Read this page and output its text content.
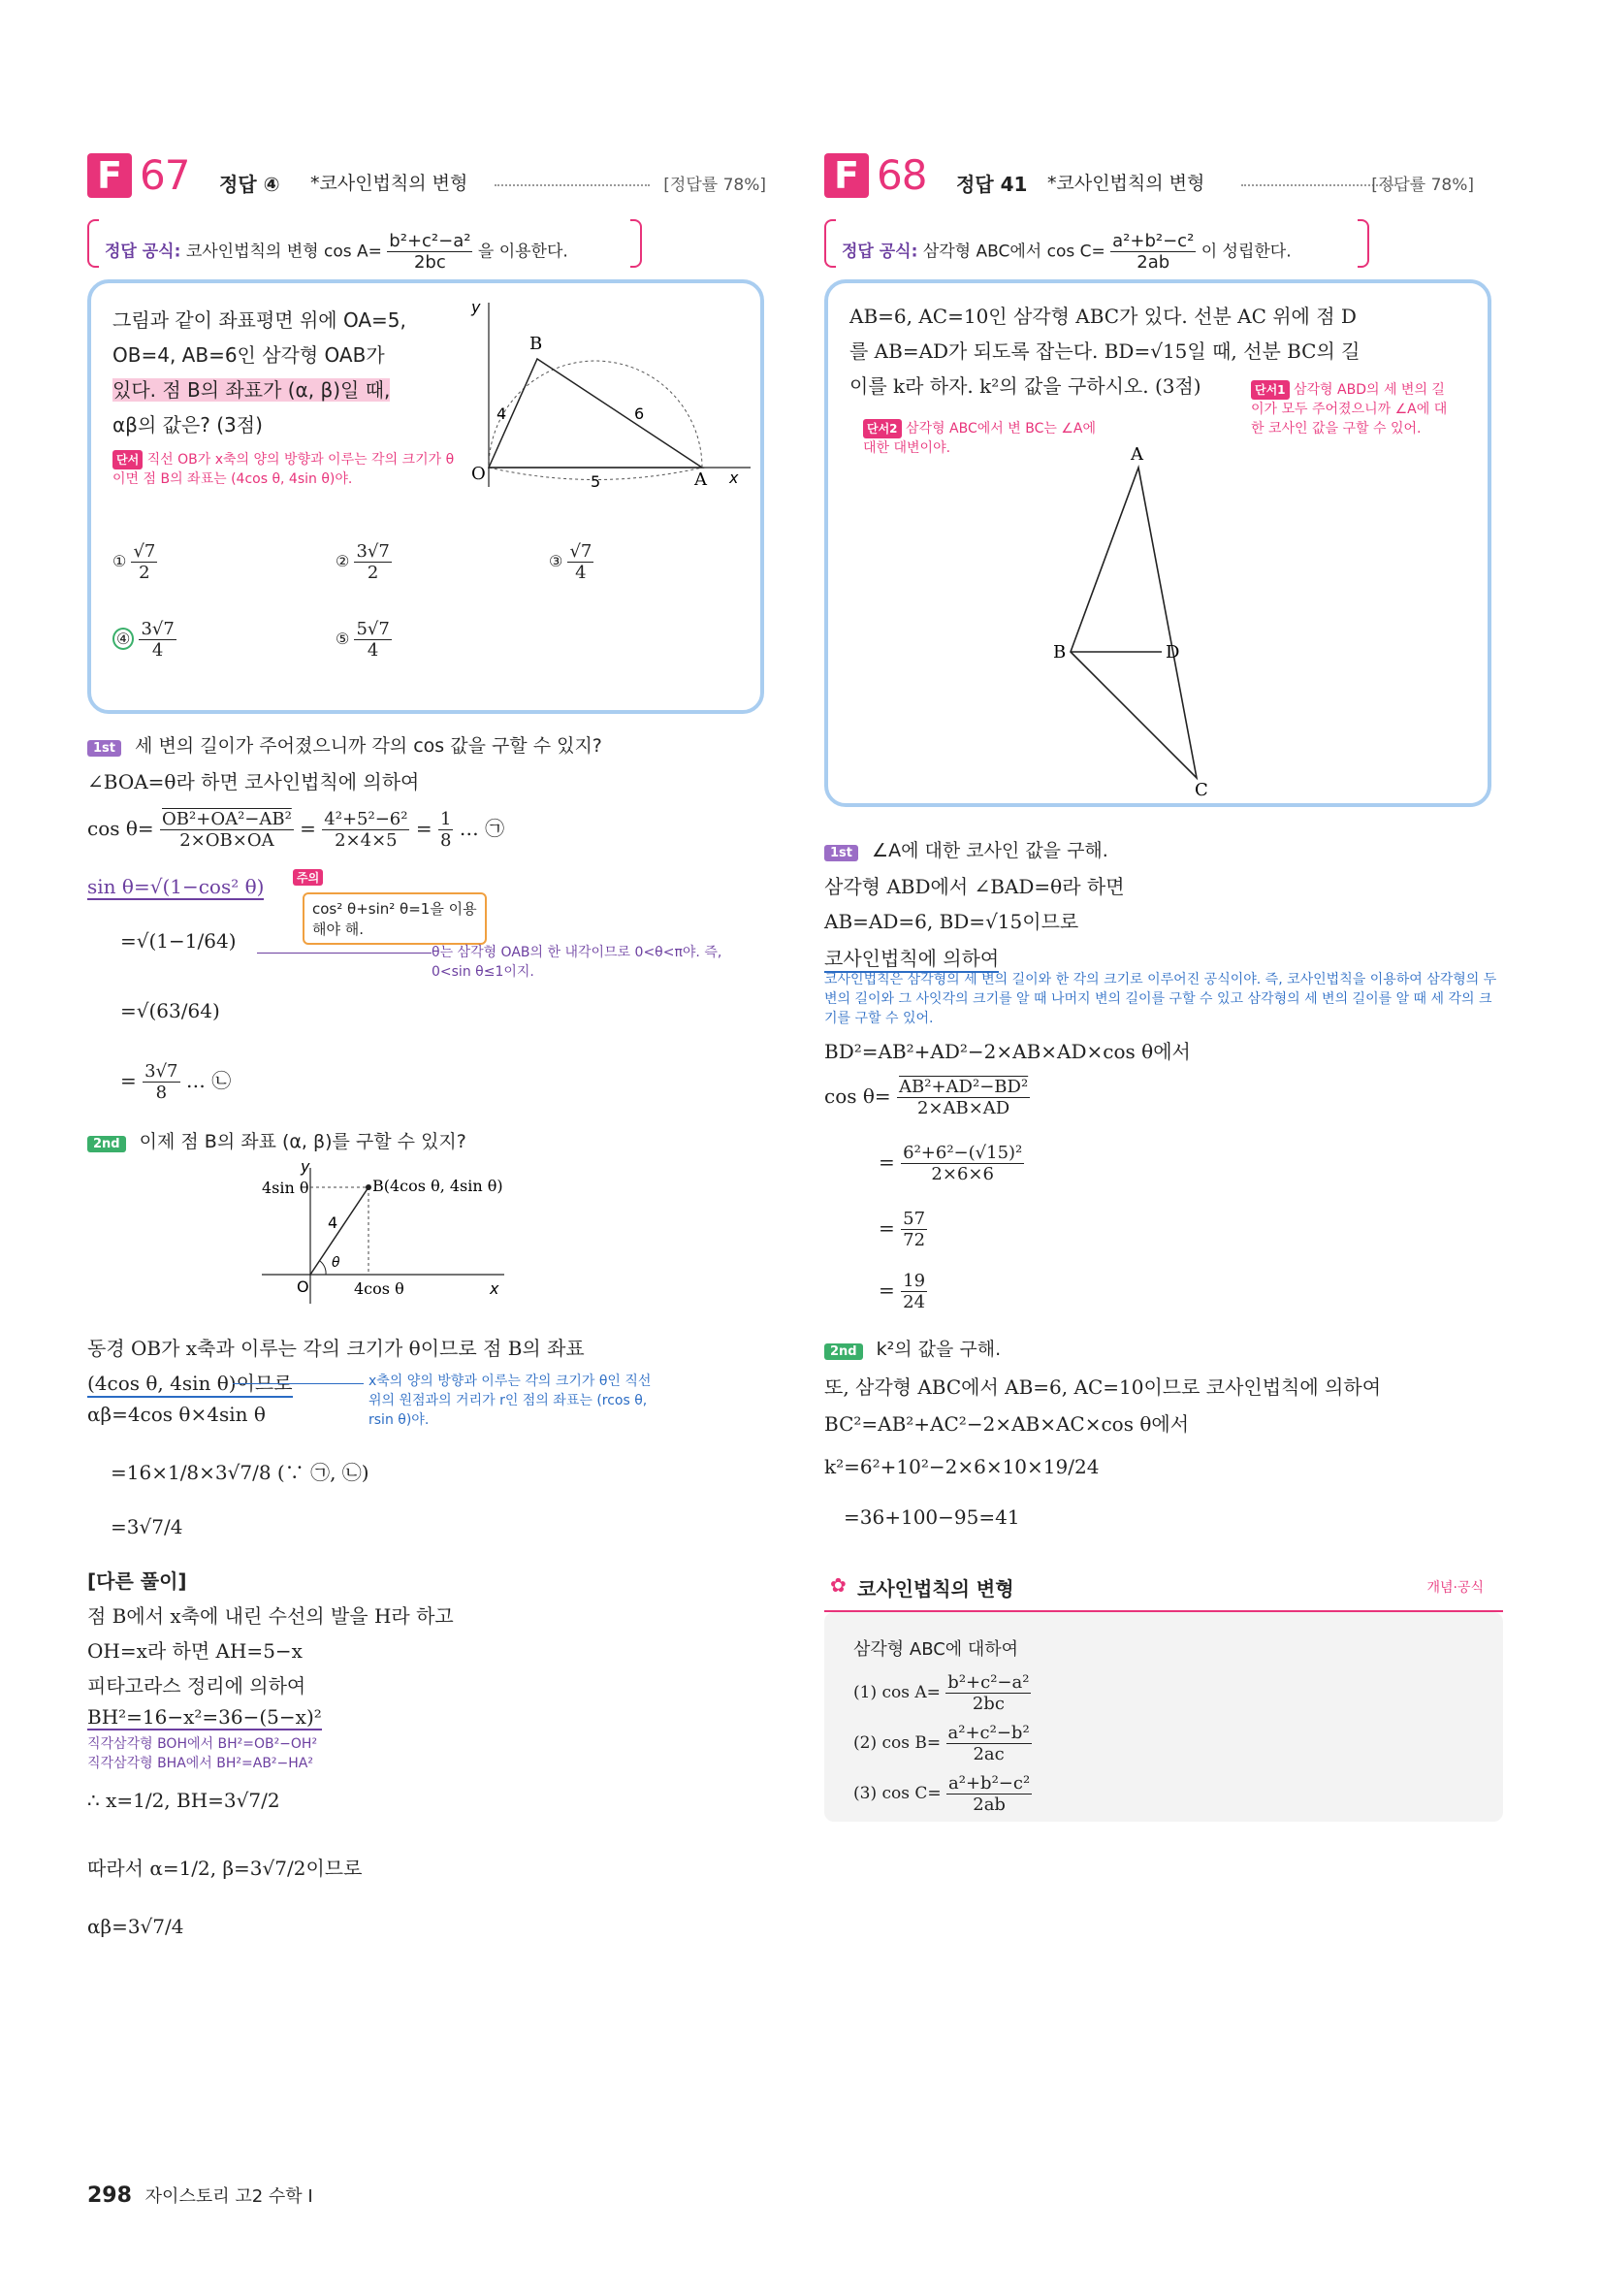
F 67 정답 ④ *코사인법칙의 변형	[정답률 78%]
정답 공식: 코사인법칙의 변형 $\cos A= \frac{\text{b²+c²−a²}}{2bc}$ 을 이용한다.
그림과 같이 좌표평면 위에 OA=5,
OB=4, AB=6인 삼각형 OAB가
있다. 점 B의 좌표가 (α, β)일 때,
αβ의 값은? (3점)
단서 직선 OB가 x축의 양의 방향과 이루는 각의 크기가 θ이면 점 B의 좌표는 (4cos θ, 4sin θ)야.
B
O	A x
y
4	6
5
① $\frac{√7}{2}$	② $\frac{3√7}{2}$	③ $\frac{√7}{4}$
④ $\frac{3√7}{4}$	⑤ $\frac{5√7}{4}$
1st 세 변의 길이가 주어졌으니까 각의 cos 값을 구할 수 있지?
∠BOA=θ라 하면 코사인법칙에 의하여
$\cos \theta= \frac{\text{OB²+OA²−AB²}}{2\times OB\times OA} = \frac{\text{4²+5²−6²}}{2\times 4\times 5} = \frac{1}{8}$ … ㉠
sin θ=√(1−cos² θ)	주의
cos² θ+sin² θ=1을 이용해야 해.
=√(1−1/64)
=√(63/64)
= $\frac{3√7}{8}$ … ㉡
θ는 삼각형 OAB의 한 내각이므로 0<θ<π야. 즉, 0<sin θ≤1이지.
2nd 이제 점 B의 좌표 (α, β)를 구할 수 있지?
B(4cos θ, 4sin θ)
4sin θ
4cos θ
4
θ
O	x
y
동경 OB가 x축과 이루는 각의 크기가 θ이므로 점 B의 좌표
(4cos θ, 4sin θ)이므로	x축의 양의 방향과 이루는 각의 크기가 θ인 직선 위의 원점과의 거리가 r인 점의 좌표는 (rcos θ, rsin θ)야.
αβ=4cos θ×4sin θ
=16×1/8×3√7/8 (∵ ㉠, ㉡)
=3√7/4
[다른 풀이]
점 B에서 x축에 내린 수선의 발을 H라 하고
OH=x라 하면 AH=5−x
피타고라스 정리에 의하여
BH²=16−x²=36−(5−x)²
직각삼각형 BOH에서 BH²=OB²−OH²
직각삼각형 BHA에서 BH²=AB²−HA²
∴ x=1/2, BH=3√7/2
따라서 α=1/2, β=3√7/2이므로
αβ=3√7/4
F 68 정답 41 *코사인법칙의 변형	[정답률 78%]
정답 공식: 삼각형 ABC에서 $\cos C= \frac{\text{a²+b²−c²}}{2ab}$ 이 성립한다.
AB=6, AC=10인 삼각형 ABC가 있다. 선분 AC 위에 점 D
를 AB=AD가 되도록 잡는다. BD=√15일 때, 선분 BC의 길
이를 k라 하자. k²의 값을 구하시오. (3점)	단서1 삼각형 ABD의 세 변의 길이가 모두 주어졌으니까 ∠A에 대한 코사인 값을 구할 수 있어.
단서2 삼각형 ABC에서 변 BC는 ∠A에 대한 대변이야.	A
B	D
C
1st ∠A에 대한 코사인 값을 구해.
삼각형 ABD에서 ∠BAD=θ라 하면
AB=AD=6, BD=√15이므로
코사인법칙에 의하여
코사인법칙은 삼각형의 세 변의 길이와 한 각의 크기로 이루어진 공식이야. 즉, 코사인법칙을 이용하여 삼각형의 두 변의 길이와 그 사잇각의 크기를 알 때 나머지 변의 길이를 구할 수 있고 삼각형의 세 변의 길이를 알 때 세 각의 크기를 구할 수 있어.
BD²=AB²+AD²−2×AB×AD×cos θ에서
$\cos \theta= \frac{\text{AB²+AD²−BD²}}{2\times AB\times AD}$
= $\frac{\text{6²+6²−(√15)²}}{2\times 6\times 6}$
= $\frac{57}{72}$
= $\frac{19}{24}$
2nd k²의 값을 구해.
또, 삼각형 ABC에서 AB=6, AC=10이므로 코사인법칙에 의하여
BC²=AB²+AC²−2×AB×AC×cos θ에서
k²=6²+10²−2×6×10×19/24
=36+100−95=41
✿ 코사인법칙의 변형	개념·공식
삼각형 ABC에 대하여
(1) $\cos A= \frac{\text{b²+c²−a²}}{2bc}$
(2) $\cos B= \frac{\text{a²+c²−b²}}{2ac}$
(3) $\cos C= \frac{\text{a²+b²−c²}}{2ab}$
298 자이스토리 고2 수학 I
